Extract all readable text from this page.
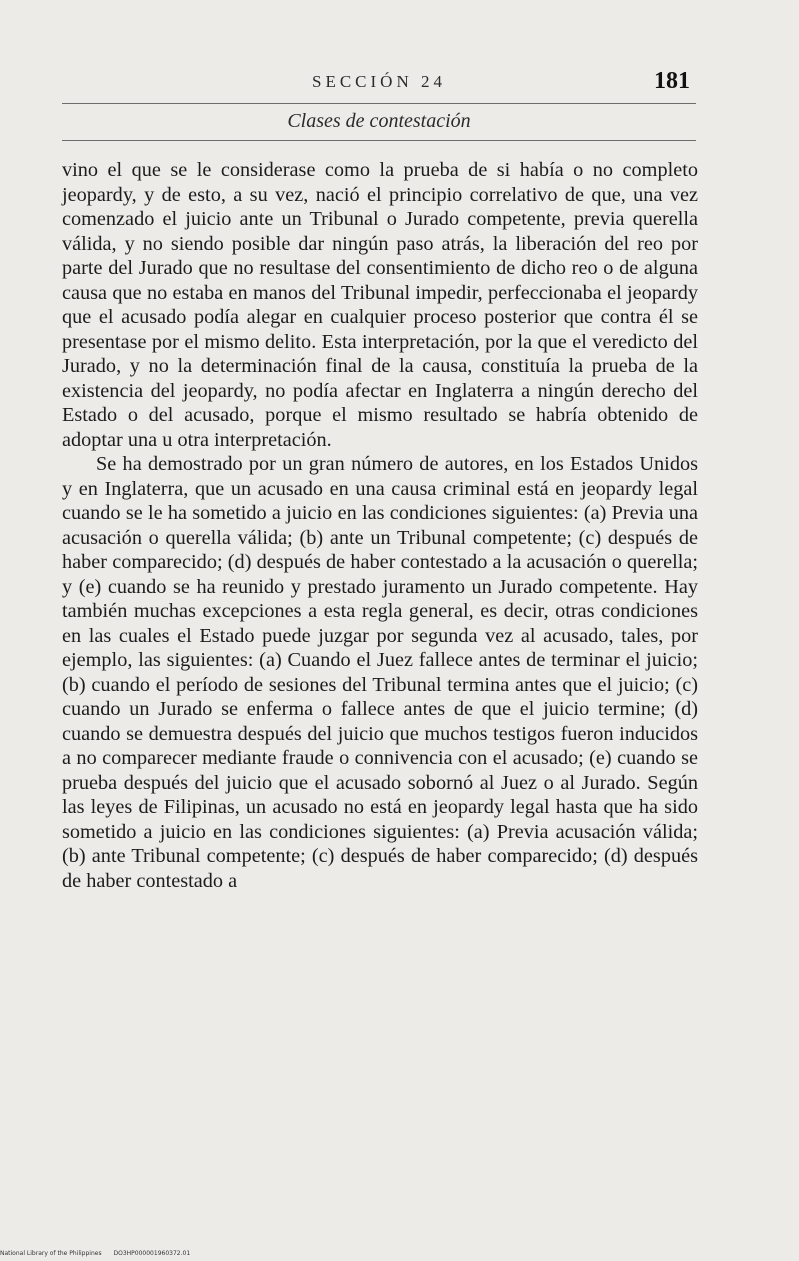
SECCIÓN 24	181
Clases de contestación

vino el que se le considerase como la prueba de si había o no completo jeopardy, y de esto, a su vez, nació el principio correlativo de que, una vez comenzado el juicio ante un Tribunal o Jurado competente, previa querella válida, y no siendo posible dar ningún paso atrás, la liberación del reo por parte del Jurado que no resultase del consentimiento de dicho reo o de alguna causa que no estaba en manos del Tribunal impedir, perfeccionaba el jeopardy que el acusado podía alegar en cualquier proceso posterior que contra él se presentase por el mismo delito. Esta interpretación, por la que el veredicto del Jurado, y no la determinación final de la causa, constituía la prueba de la existencia del jeopardy, no podía afectar en Inglaterra a ningún derecho del Estado o del acusado, porque el mismo resultado se habría obtenido de adoptar una u otra interpretación.

Se ha demostrado por un gran número de autores, en los Estados Unidos y en Inglaterra, que un acusado en una causa criminal está en jeopardy legal cuando se le ha sometido a juicio en las condiciones siguientes: (a) Previa una acusación o querella válida; (b) ante un Tribunal competente; (c) después de haber comparecido; (d) después de haber contestado a la acusación o querella; y (e) cuando se ha reunido y prestado juramento un Jurado competente. Hay también muchas excepciones a esta regla general, es decir, otras condiciones en las cuales el Estado puede juzgar por segunda vez al acusado, tales, por ejemplo, las siguientes: (a) Cuando el Juez fallece antes de terminar el juicio; (b) cuando el período de sesiones del Tribunal termina antes que el juicio; (c) cuando un Jurado se enferma o fallece antes de que el juicio termine; (d) cuando se demuestra después del juicio que muchos testigos fueron inducidos a no comparecer mediante fraude o connivencia con el acusado; (e) cuando se prueba después del juicio que el acusado sobornó al Juez o al Jurado. Según las leyes de Filipinas, un acusado no está en jeopardy legal hasta que ha sido sometido a juicio en las condiciones siguientes: (a) Previa acusación válida; (b) ante Tribunal competente; (c) después de haber comparecido; (d) después de haber contestado a

National Library of the Philippines DO3HP000001960372.01
